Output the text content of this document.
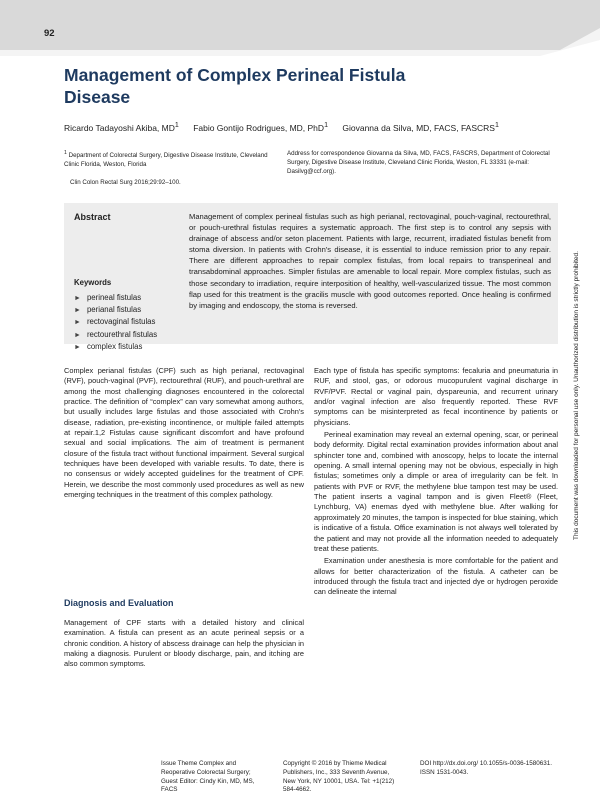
92
Management of Complex Perineal Fistula
Disease
Ricardo Tadayoshi Akiba, $MD^1$ Fabio Gontijo Rodrigues, MD, PhD$^1$ Giovanna da Silva, MD, FACS, FASCRS$^1$
$^1$ Department of Colorectal Surgery, Digestive Disease Institute, Cleveland Clinic Florida, Weston, Florida
Clin Colon Rectal Surg 2016;29:92–100.
Address for correspondence Giovanna da Silva, MD, FACS, FASCRS, Department of Colorectal Surgery, Digestive Disease Institute, Cleveland Clinic Florida, Weston, FL 33331 (e-mail: Dasilvg@ccf.org).
Abstract	Management of complex perineal fistulas such as high perianal, rectovaginal, pouch-vaginal, rectourethral, or pouch-urethral fistulas requires a systematic approach. The first step is to control any sepsis with drainage of abscess and/or seton placement. Patients with large, recurrent, irradiated fistulas benefit from stoma diversion. In patients with Crohn's disease, it is essential to induce remission prior to any repair. There are different approaches to repair complex fistulas, from local repairs to transperineal and transabdominal approaches. Simpler fistulas are amenable to local repair. More complex fistulas, such as those secondary to irradiation, require interposition of healthy, well-vascularized tissue. The most common flap used for this treatment is the gracilis muscle with good outcomes reported. Once healing is confirmed by imaging and endoscopy, the stoma is reversed.

Keywords
► perineal fistulas
► perianal fistulas
► rectovaginal fistulas
► rectourethral fistulas
► complex fistulas

Complex perianal fistulas (CPF) such as high perianal, rectovaginal (RVF), pouch-vaginal (PVF), rectourethral (RUF), and pouch-urethral are among the most challenging diagnoses encountered in the colorectal practice. The definition of “complex” can vary somewhat among authors, but usually includes large fistulas and those associated with Crohn's disease, radiation, pre-existing incontinence, or multiple failed attempts at repair.1,2 Fistulas cause significant discomfort and have profound sexual and social implications. The aim of treatment is permanent closure of the fistula tract without functional impairment. Several surgical techniques have been developed with variable results. To date, there is no consensus or widely accepted guidelines for the treatment of CPF. Herein, we describe the most commonly used procedures as well as new emerging techniques in the treatment of this complex pathology.

Diagnosis and Evaluation

Management of CPF starts with a detailed history and clinical examination. A fistula can present as an acute perineal sepsis or a chronic condition. A history of abscess drainage can help the physician in making a diagnosis. Purulent or bloody discharge, pain, and itching are also common symptoms.

Each type of fistula has specific symptoms: fecaluria and pneumaturia in RUF, and stool, gas, or odorous mucopurulent vaginal discharge in RVF/PVF. Rectal or vaginal pain, dyspareunia, and recurrent urinary and/or vaginal infection are also frequently reported. These RVF symptoms can be misinterpreted as fecal incontinence by patients or physicians.

Perineal examination may reveal an external opening, scar, or perineal body deformity. Digital rectal examination provides information about anal sphincter tone and, combined with anoscopy, helps to locate the internal opening. A small internal opening may not be obvious, especially in high fistulas; sometimes only a dimple or area of irregularity can be felt. In patients with PVF or RVF, the methylene blue tampon test may be used. The patient inserts a vaginal tampon and is given Fleet® (Fleet, Lynchburg, VA) enemas dyed with methylene blue. After walking for approximately 20 minutes, the tampon is inspected for blue staining, which is indicative of a fistula. Office examination is not always well tolerated by the patient and may not provide all the information needed to adequately treat these patients.

Examination under anesthesia is more comfortable for the patient and allows for better characterization of the fistula. A catheter can be introduced through the fistula tract and injected dye or hydrogen peroxide can delineate the internal

Issue Theme Complex and Reoperative Colorectal Surgery; Guest Editor: Cindy Kin, MD, MS, FACS
Copyright © 2016 by Thieme Medical Publishers, Inc., 333 Seventh Avenue, New York, NY 10001, USA. Tel: +1(212) 584-4662.
DOI http://dx.doi.org/ 10.1055/s-0036-1580631. ISSN 1531-0043.
This document was downloaded for personal use only. Unauthorized distribution is strictly prohibited.
